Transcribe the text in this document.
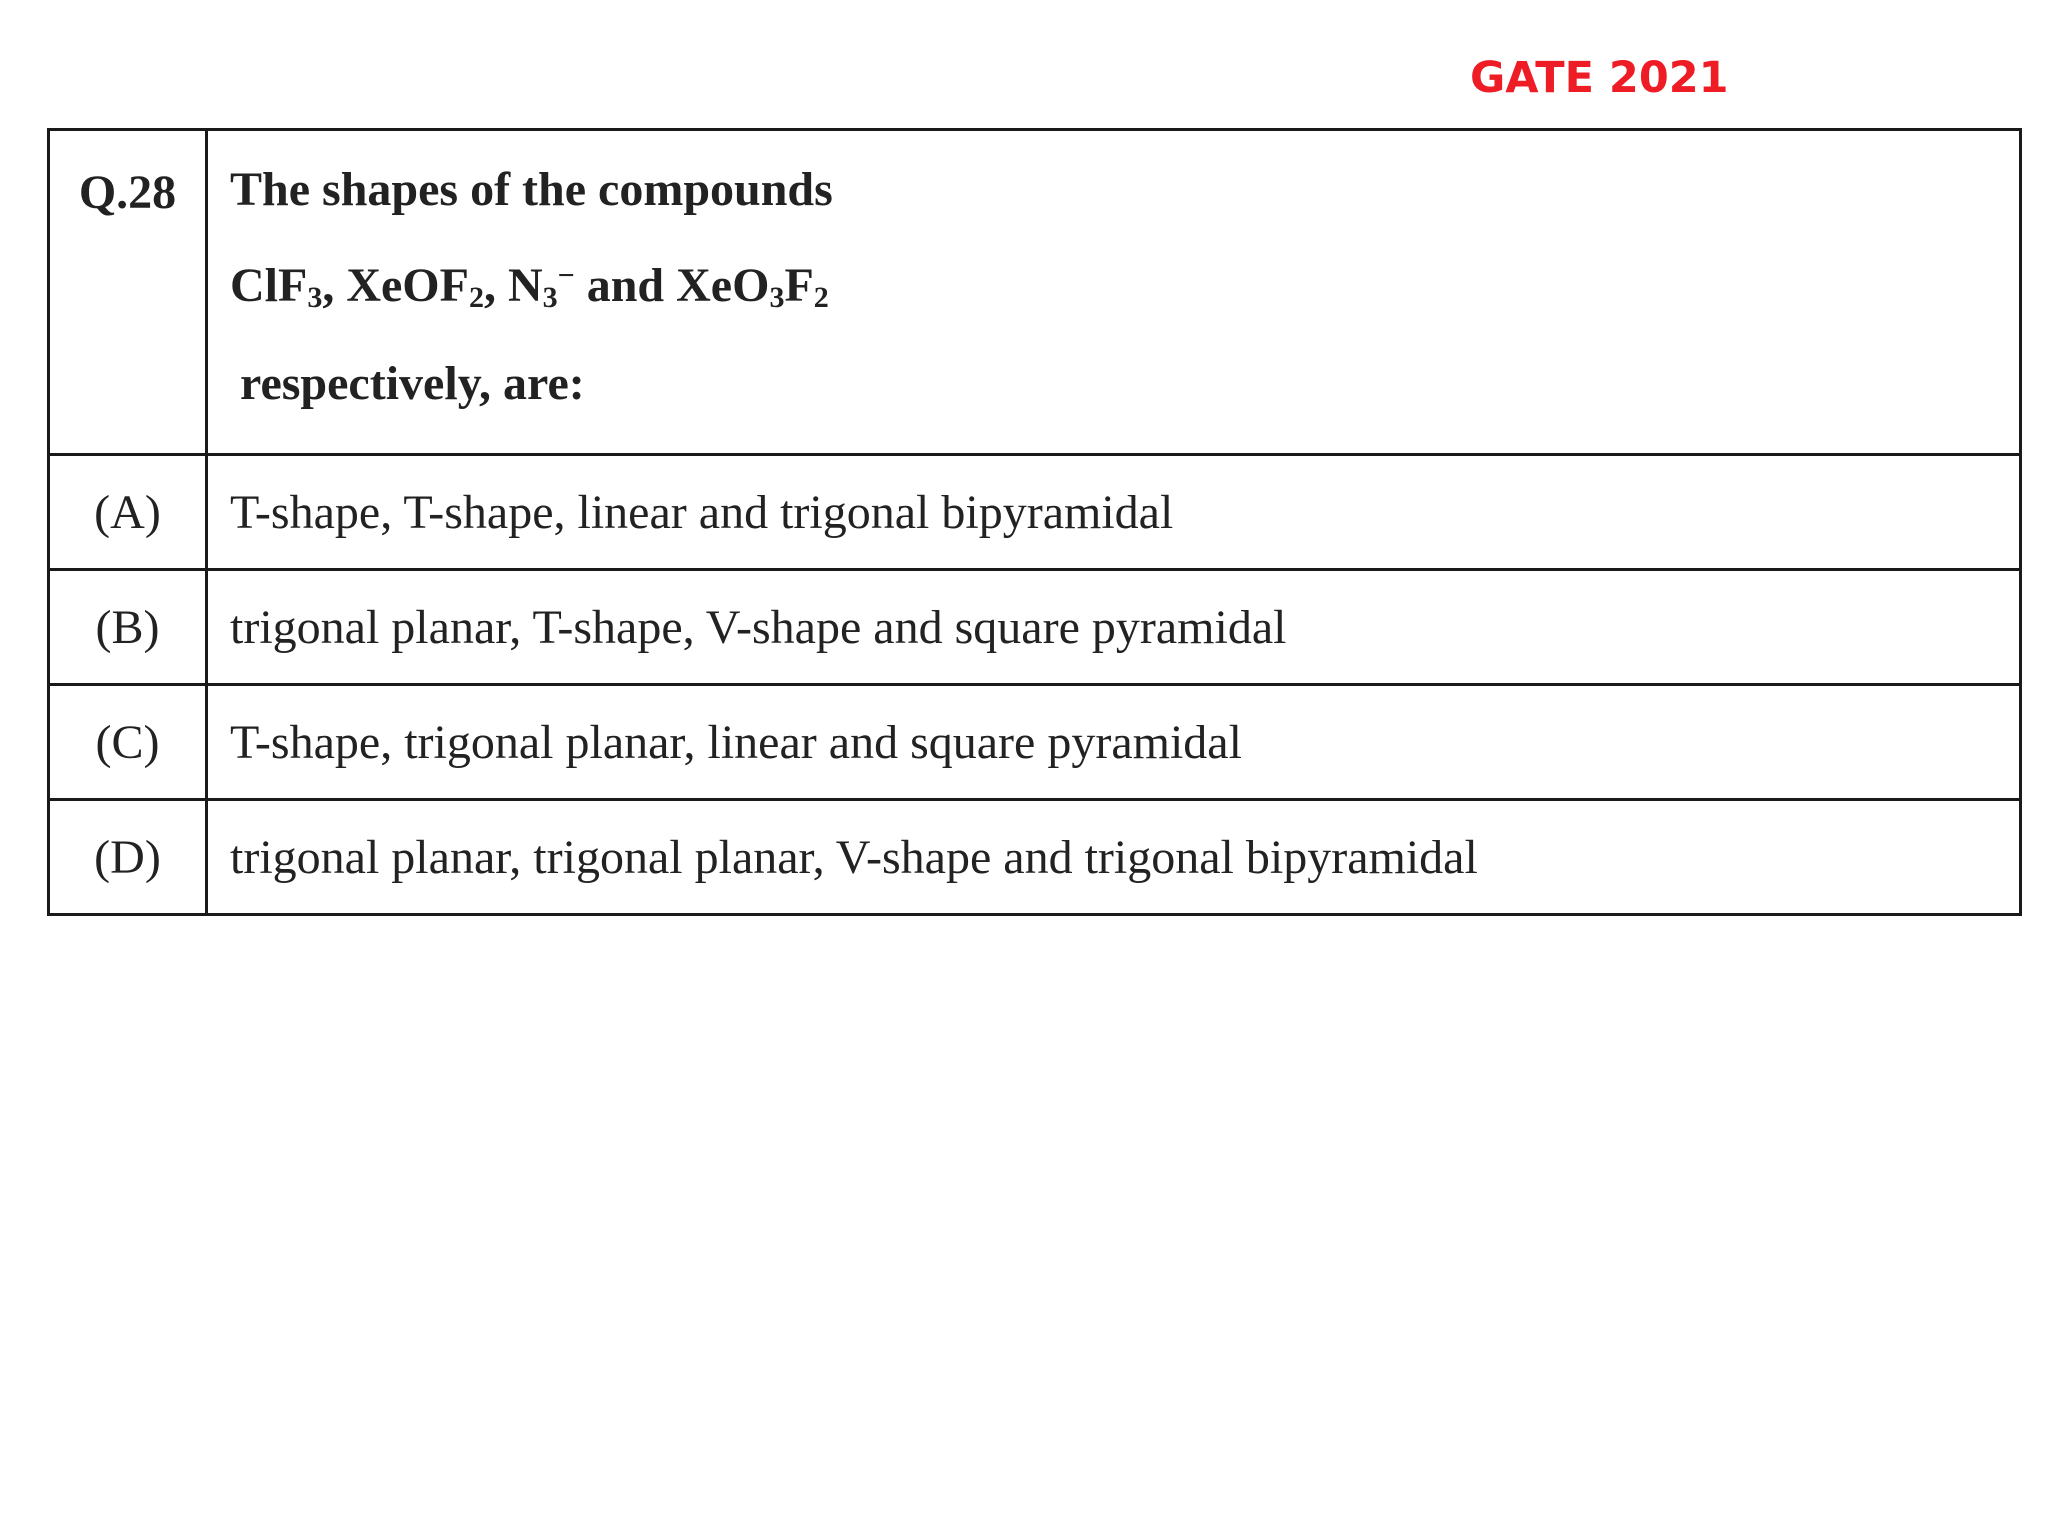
GATE 2021
Q.28	The shapes of the compounds
ClF$_3$, XeOF$_2$, $N_3^-$ and $XeO_3F_2$
respectively, are:

(A)	T-shape, T-shape, linear and trigonal bipyramidal
(B)	trigonal planar, T-shape, V-shape and square pyramidal
(C)	T-shape, trigonal planar, linear and square pyramidal
(D)	trigonal planar, trigonal planar, V-shape and trigonal bipyramidal
